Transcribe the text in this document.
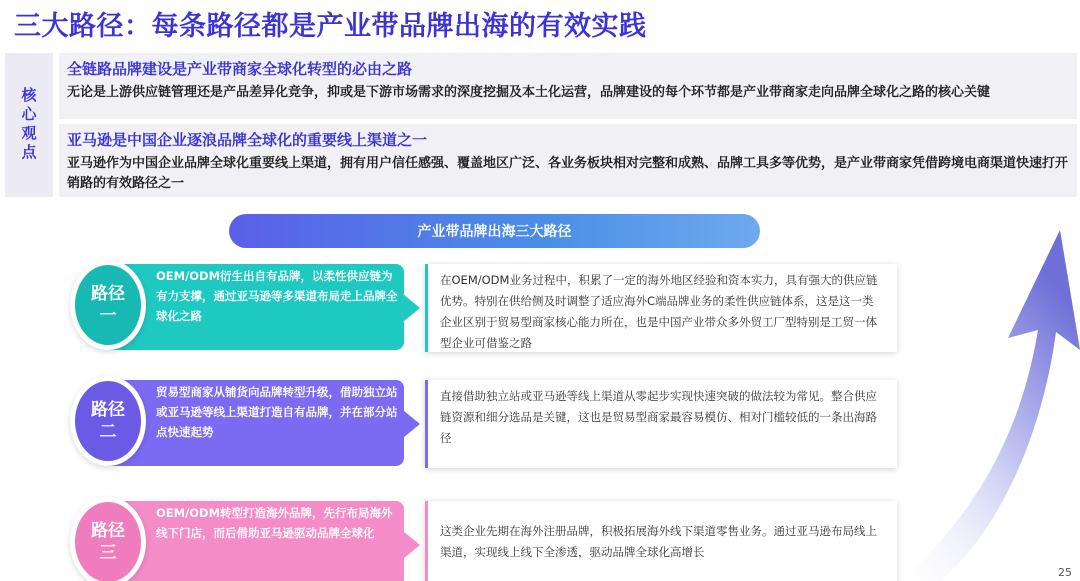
三大路径：每条路径都是产业带品牌出海的有效实践
核心观点
全链路品牌建设是产业带商家全球化转型的必由之路
无论是上游供应链管理还是产品差异化竞争，抑或是下游市场需求的深度挖掘及本土化运营，品牌建设的每个环节都是产业带商家走向品牌全球化之路的核心关键
亚马逊是中国企业逐浪品牌全球化的重要线上渠道之一
亚马逊作为中国企业品牌全球化重要线上渠道，拥有用户信任感强、覆盖地区广泛、各业务板块相对完整和成熟、品牌工具多等优势，是产业带商家凭借跨境电商渠道快速打开销路的有效路径之一
产业带品牌出海三大路径
路径
一
OEM/ODM衍生出自有品牌，以柔性供应链为有力支撑，通过亚马逊等多渠道布局走上品牌全球化之路
在OEM/ODM业务过程中，积累了一定的海外地区经验和资本实力，具有强大的供应链优势。特别在供给侧及时调整了适应海外C端品牌业务的柔性供应链体系，这是这一类企业区别于贸易型商家核心能力所在，也是中国产业带众多外贸工厂型特别是工贸一体型企业可借鉴之路
路径
二
贸易型商家从铺货向品牌转型升级，借助独立站或亚马逊等线上渠道打造自有品牌，并在部分站点快速起势
直接借助独立站或亚马逊等线上渠道从零起步实现快速突破的做法较为常见。整合供应链资源和细分选品是关键，这也是贸易型商家最容易模仿、相对门槛较低的一条出海路径
路径
三
OEM/ODM转型打造海外品牌，先行布局海外线下门店，而后借助亚马逊驱动品牌全球化	这类企业先期在海外注册品牌，积极拓展海外线下渠道零售业务。通过亚马逊布局线上渠道，实现线上线下全渗透，驱动品牌全球化高增长
25
